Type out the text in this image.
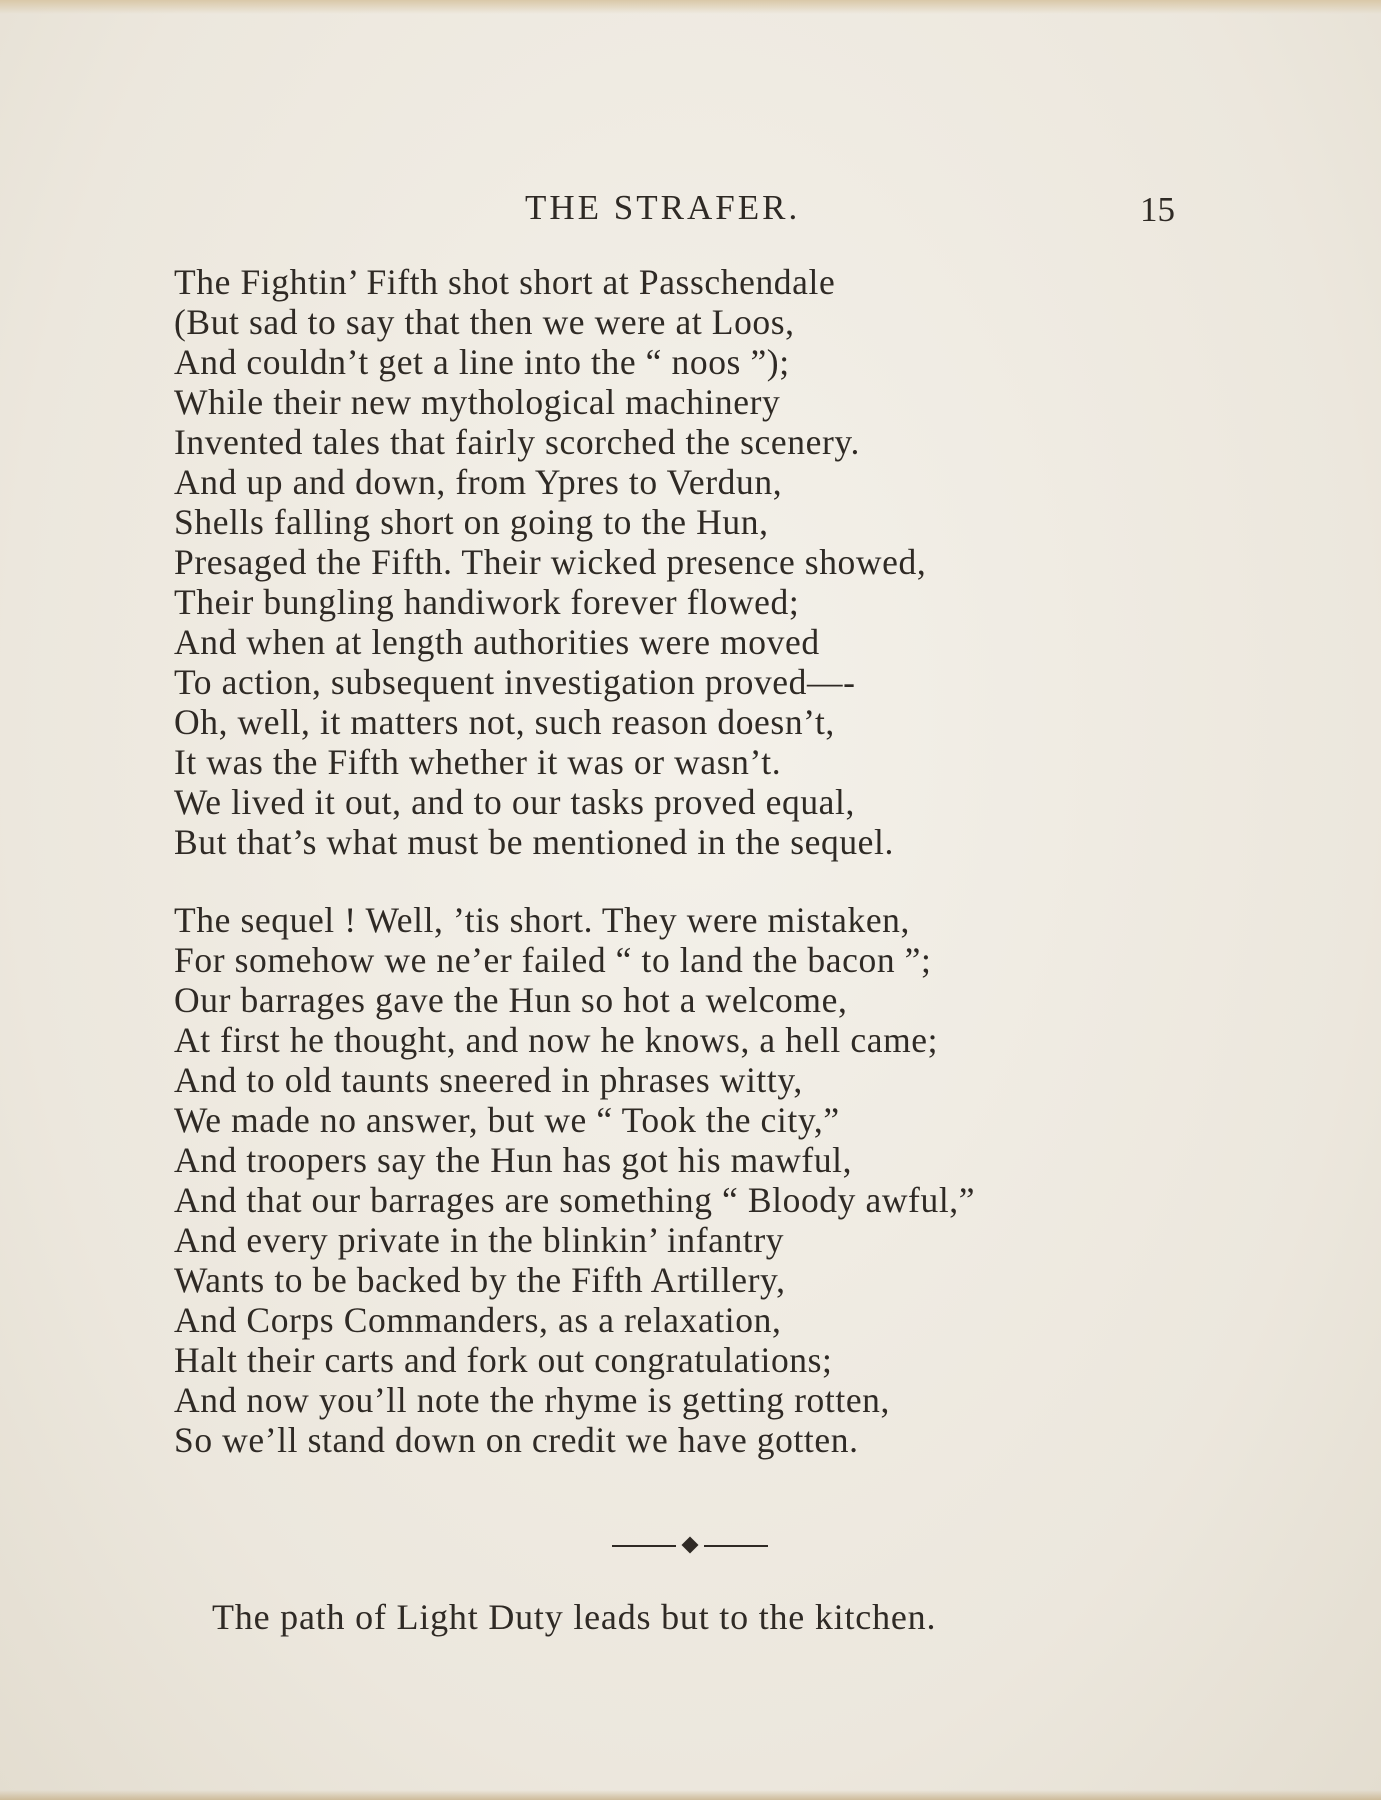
THE STRAFER.	15
The Fightin’ Fifth shot short at Passchendale
(But sad to say that then we were at Loos,
And couldn’t get a line into the “ noos ”);
While their new mythological machinery
Invented tales that fairly scorched the scenery.
And up and down, from Ypres to Verdun,
Shells falling short on going to the Hun,
Presaged the Fifth. Their wicked presence showed,
Their bungling handiwork forever flowed;
And when at length authorities were moved
To action, subsequent investigation proved—-
Oh, well, it matters not, such reason doesn’t,
It was the Fifth whether it was or wasn’t.
We lived it out, and to our tasks proved equal,
But that’s what must be mentioned in the sequel.
The sequel ! Well, ’tis short. They were mistaken,
For somehow we ne’er failed “ to land the bacon ”;
Our barrages gave the Hun so hot a welcome,
At first he thought, and now he knows, a hell came;
And to old taunts sneered in phrases witty,
We made no answer, but we “ Took the city,”
And troopers say the Hun has got his mawful,
And that our barrages are something “ Bloody awful,”
And every private in the blinkin’ infantry
Wants to be backed by the Fifth Artillery,
And Corps Commanders, as a relaxation,
Halt their carts and fork out congratulations;
And now you’ll note the rhyme is getting rotten,
So we’ll stand down on credit we have gotten.
The path of Light Duty leads but to the kitchen.
